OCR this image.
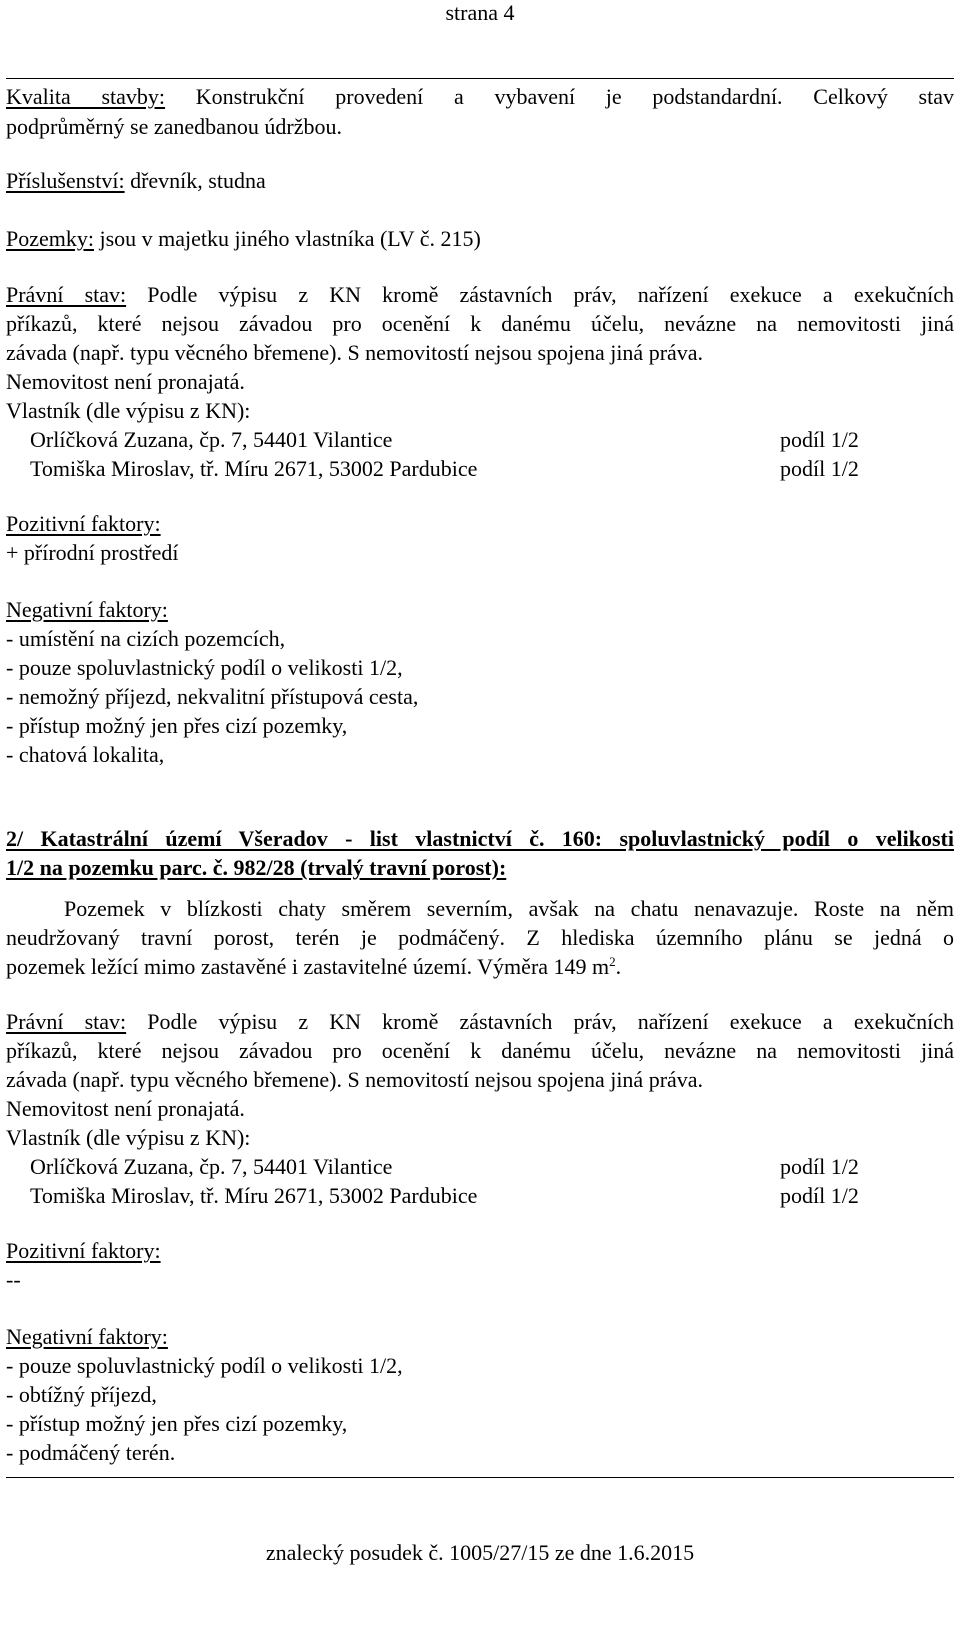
strana 4
Kvalita stavby: Konstrukční provedení a vybavení je podstandardní. Celkový stav
podprůměrný se zanedbanou údržbou.
Příslušenství: dřevník, studna
Pozemky: jsou v majetku jiného vlastníka (LV č. 215)
Právní stav: Podle výpisu z KN kromě zástavních práv, nařízení exekuce a exekučních
příkazů, které nejsou závadou pro ocenění k danému účelu, nevázne na nemovitosti jiná
závada (např. typu věcného břemene). S nemovitostí nejsou spojena jiná práva.
Nemovitost není pronajatá.
Vlastník (dle výpisu z KN):
Orlíčková Zuzana, čp. 7, 54401 Vilantice	podíl 1/2
Tomiška Miroslav, tř. Míru 2671, 53002 Pardubice	podíl 1/2
Pozitivní faktory:
+ přírodní prostředí
Negativní faktory:
- umístění na cizích pozemcích,
- pouze spoluvlastnický podíl o velikosti 1/2,
- nemožný příjezd, nekvalitní přístupová cesta,
- přístup možný jen přes cizí pozemky,
- chatová lokalita,
2/ Katastrální území Všeradov - list vlastnictví č. 160: spoluvlastnický podíl o velikosti
1/2 na pozemku parc. č. 982/28 (trvalý travní porost):
Pozemek v blízkosti chaty směrem severním, avšak na chatu nenavazuje. Roste na něm
neudržovaný travní porost, terén je podmáčený. Z hlediska územního plánu se jedná o
pozemek ležící mimo zastavěné i zastavitelné území. Výměra 149 $m^2$.
Právní stav: Podle výpisu z KN kromě zástavních práv, nařízení exekuce a exekučních
příkazů, které nejsou závadou pro ocenění k danému účelu, nevázne na nemovitosti jiná
závada (např. typu věcného břemene). S nemovitostí nejsou spojena jiná práva.
Nemovitost není pronajatá.
Vlastník (dle výpisu z KN):
Orlíčková Zuzana, čp. 7, 54401 Vilantice	podíl 1/2
Tomiška Miroslav, tř. Míru 2671, 53002 Pardubice	podíl 1/2
Pozitivní faktory:
--
Negativní faktory:
- pouze spoluvlastnický podíl o velikosti 1/2,
- obtížný příjezd,
- přístup možný jen přes cizí pozemky,
- podmáčený terén.
znalecký posudek č. 1005/27/15 ze dne 1.6.2015
